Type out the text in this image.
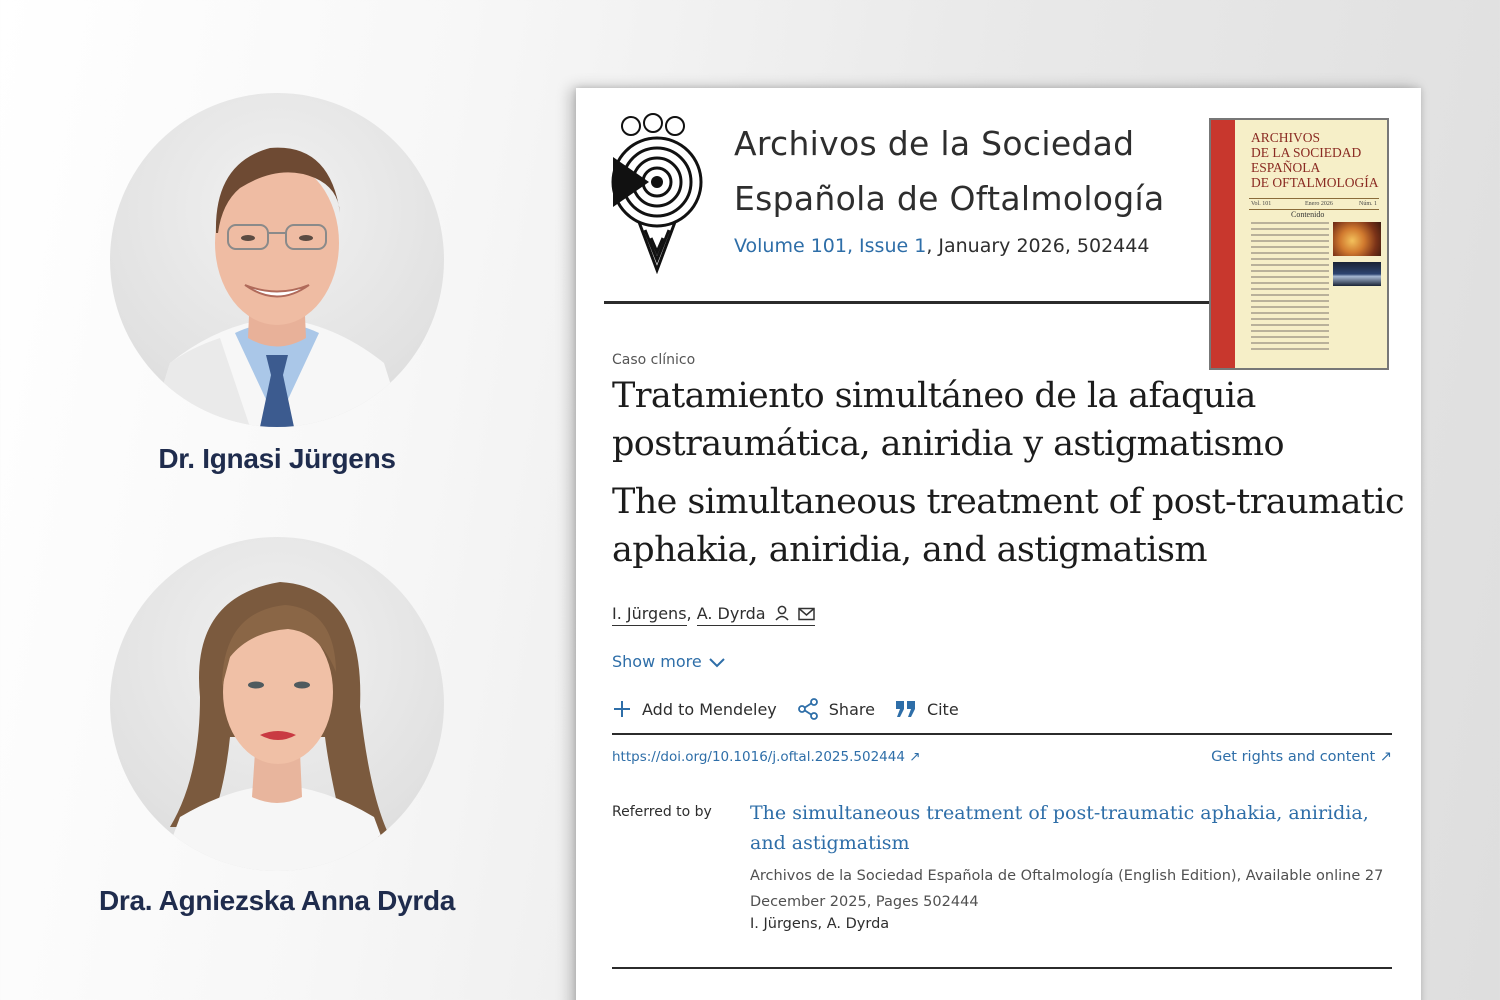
Dr. Ignasi Jürgens
Dra. Agniezska Anna Dyrda
Archivos de la Sociedad
Española de Oftalmología
Volume 101, Issue 1, January 2026, 502444
ARCHIVOS
DE LA SOCIEDAD
ESPAÑOLA
DE OFTALMOLOGÍA
Vol. 101	Enero 2026	Núm. 1
Contenido
Caso clínico
Tratamiento simultáneo de la afaquia postraumática, aniridia y astigmatismo
The simultaneous treatment of post-traumatic aphakia, aniridia, and astigmatism
I. Jürgens, A. Dyrda
Show more
Add to Mendeley	Share	Cite
https://doi.org/10.1016/j.oftal.2025.502444 ↗	Get rights and content ↗
Referred to by The simultaneous treatment of post-traumatic aphakia, aniridia, and astigmatism
Archivos de la Sociedad Española de Oftalmología (English Edition), Available online 27 December 2025, Pages 502444
I. Jürgens, A. Dyrda
